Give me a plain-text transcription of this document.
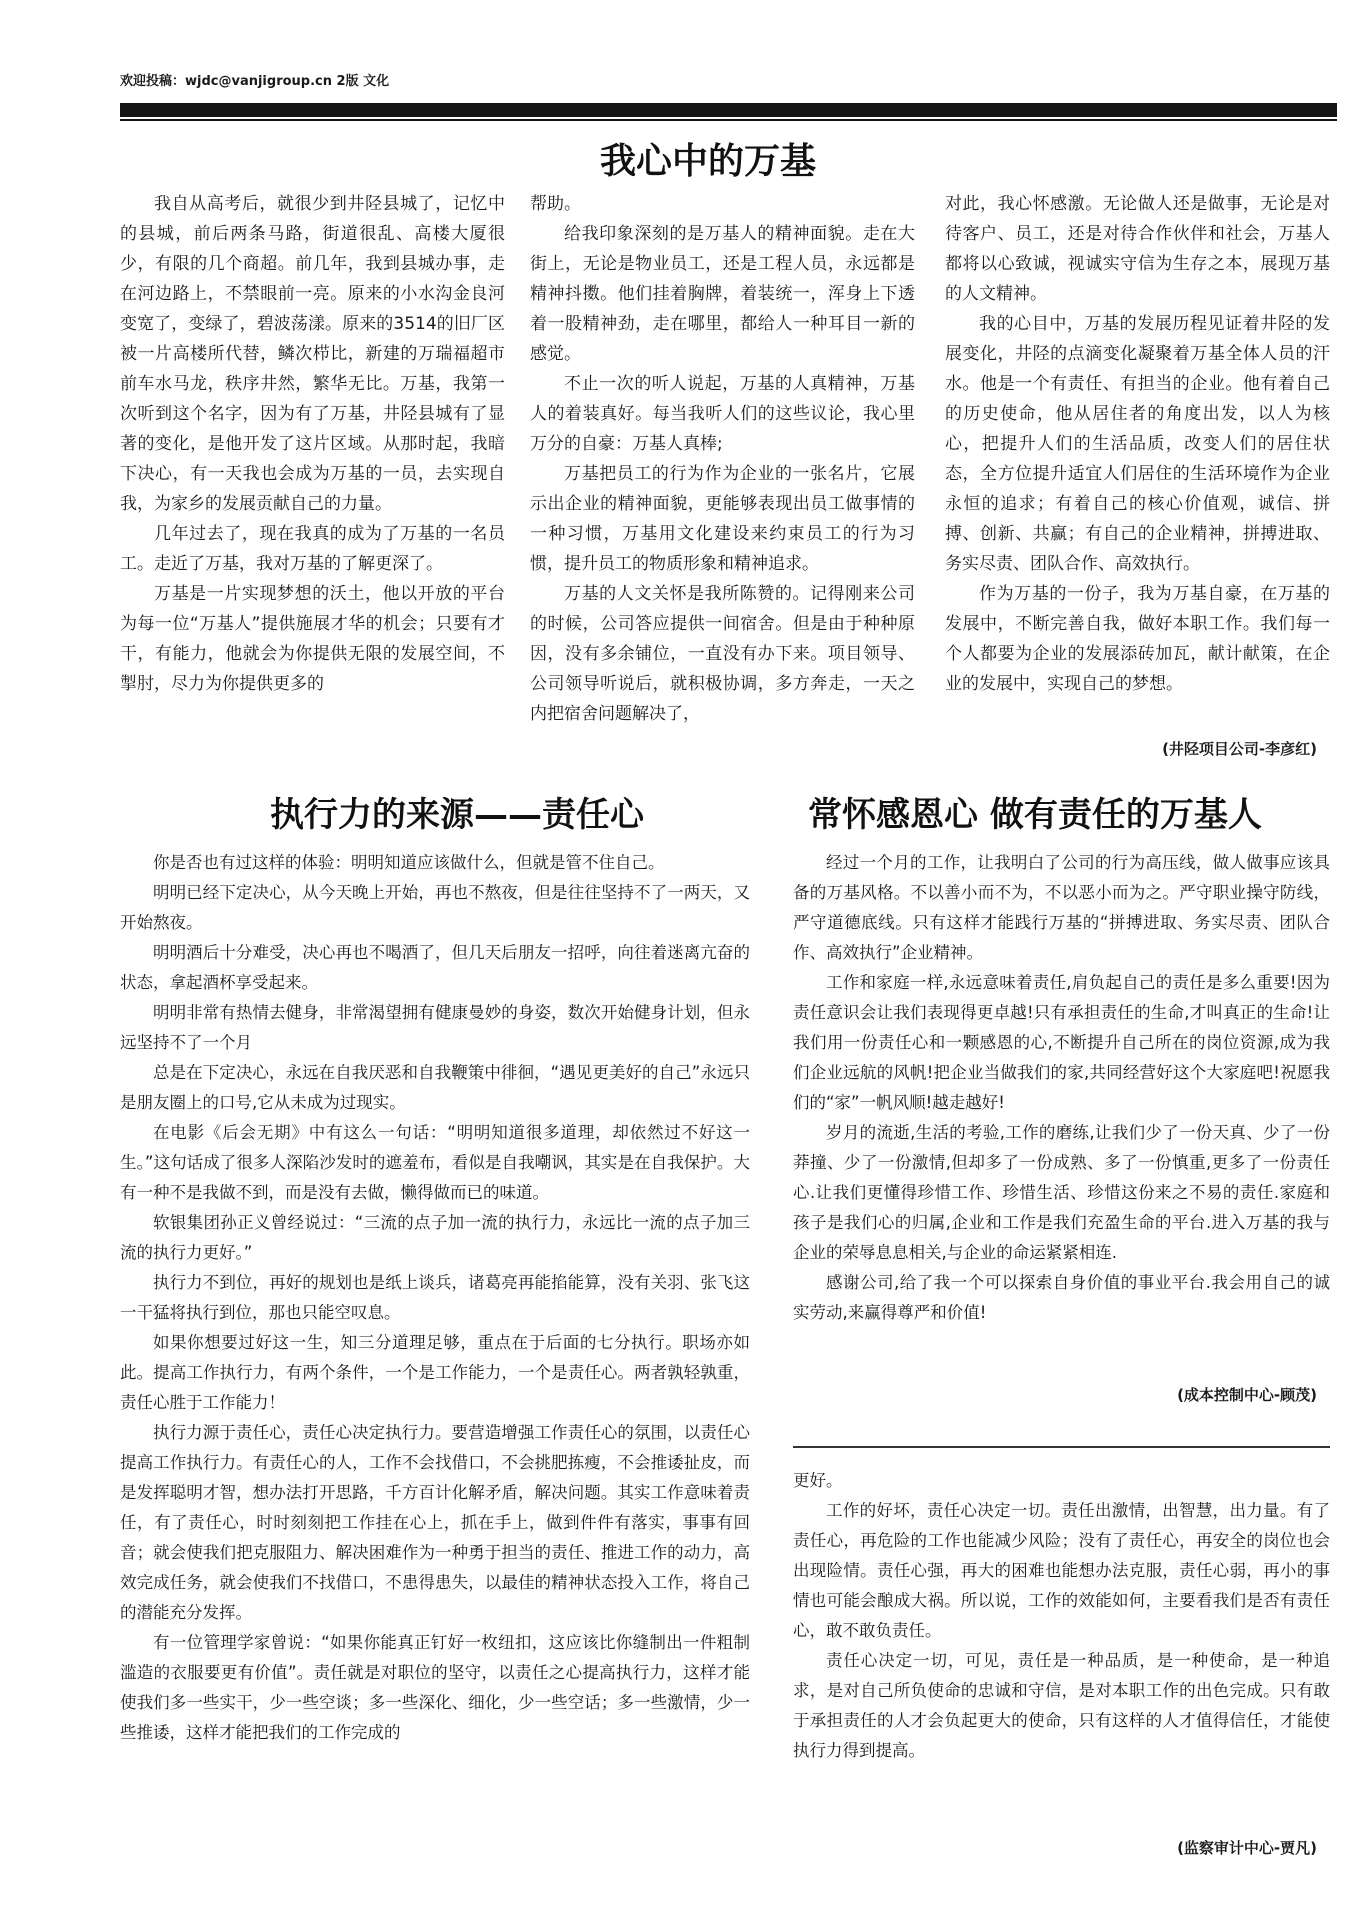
欢迎投稿：wjdc@vanjigroup.cn 2版 文化
我心中的万基

我自从高考后，就很少到井陉县城了，记忆中的县城，前后两条马路，街道很乱、高楼大厦很少，有限的几个商超。前几年，我到县城办事，走在河边路上，不禁眼前一亮。原来的小水沟金良河变宽了，变绿了，碧波荡漾。原来的3514的旧厂区被一片高楼所代替，鳞次栉比，新建的万瑞福超市前车水马龙，秩序井然，繁华无比。万基，我第一次听到这个名字，因为有了万基，井陉县城有了显著的变化，是他开发了这片区域。从那时起，我暗下决心，有一天我也会成为万基的一员，去实现自我，为家乡的发展贡献自己的力量。

几年过去了，现在我真的成为了万基的一名员工。走近了万基，我对万基的了解更深了。

万基是一片实现梦想的沃土，他以开放的平台为每一位“万基人”提供施展才华的机会；只要有才干，有能力，他就会为你提供无限的发展空间，不掣肘，尽力为你提供更多的

帮助。

给我印象深刻的是万基人的精神面貌。走在大街上，无论是物业员工，还是工程人员，永远都是精神抖擞。他们挂着胸牌，着装统一，浑身上下透着一股精神劲，走在哪里，都给人一种耳目一新的感觉。

不止一次的听人说起，万基的人真精神，万基人的着装真好。每当我听人们的这些议论，我心里万分的自豪：万基人真棒;

万基把员工的行为作为企业的一张名片，它展示出企业的精神面貌，更能够表现出员工做事情的一种习惯，万基用文化建设来约束员工的行为习惯，提升员工的物质形象和精神追求。

万基的人文关怀是我所陈赞的。记得刚来公司的时候，公司答应提供一间宿舍。但是由于种种原因，没有多余铺位，一直没有办下来。项目领导、公司领导听说后，就积极协调，多方奔走，一天之内把宿舍问题解决了，

对此，我心怀感激。无论做人还是做事，无论是对待客户、员工，还是对待合作伙伴和社会，万基人都将以心致诚，视诚实守信为生存之本，展现万基的人文精神。

我的心目中，万基的发展历程见证着井陉的发展变化，井陉的点滴变化凝聚着万基全体人员的汗水。他是一个有责任、有担当的企业。他有着自己的历史使命，他从居住者的角度出发，以人为核心，把提升人们的生活品质，改变人们的居住状态，全方位提升适宜人们居住的生活环境作为企业永恒的追求；有着自己的核心价值观，诚信、拼搏、创新、共赢；有自己的企业精神，拼搏进取、务实尽责、团队合作、高效执行。

作为万基的一份子，我为万基自豪，在万基的发展中，不断完善自我，做好本职工作。我们每一个人都要为企业的发展添砖加瓦，献计献策，在企业的发展中，实现自己的梦想。

(井陉项目公司-李彦红)
执行力的来源——责任心

你是否也有过这样的体验：明明知道应该做什么，但就是管不住自己。

明明已经下定决心，从今天晚上开始，再也不熬夜，但是往往坚持不了一两天，又开始熬夜。

明明酒后十分难受，决心再也不喝酒了，但几天后朋友一招呼，向往着迷离亢奋的状态，拿起酒杯享受起来。

明明非常有热情去健身，非常渴望拥有健康曼妙的身姿，数次开始健身计划，但永远坚持不了一个月

总是在下定决心，永远在自我厌恶和自我鞭策中徘徊，“遇见更美好的自己”永远只是朋友圈上的口号,它从未成为过现实。

在电影《后会无期》中有这么一句话：“明明知道很多道理，却依然过不好这一生。”这句话成了很多人深陷沙发时的遮羞布，看似是自我嘲讽，其实是在自我保护。大有一种不是我做不到，而是没有去做，懒得做而已的味道。

软银集团孙正义曾经说过：“三流的点子加一流的执行力，永远比一流的点子加三流的执行力更好。”

执行力不到位，再好的规划也是纸上谈兵，诸葛亮再能掐能算，没有关羽、张飞这一干猛将执行到位，那也只能空叹息。

如果你想要过好这一生，知三分道理足够，重点在于后面的七分执行。职场亦如此。提高工作执行力，有两个条件，一个是工作能力，一个是责任心。两者孰轻孰重，责任心胜于工作能力！

执行力源于责任心，责任心决定执行力。要营造增强工作责任心的氛围，以责任心提高工作执行力。有责任心的人，工作不会找借口，不会挑肥拣瘦，不会推诿扯皮，而是发挥聪明才智，想办法打开思路，千方百计化解矛盾，解决问题。其实工作意味着责任，有了责任心，时时刻刻把工作挂在心上，抓在手上，做到件件有落实，事事有回音；就会使我们把克服阻力、解决困难作为一种勇于担当的责任、推进工作的动力，高效完成任务，就会使我们不找借口，不患得患失，以最佳的精神状态投入工作，将自己的潜能充分发挥。

有一位管理学家曾说：“如果你能真正钉好一枚纽扣，这应该比你缝制出一件粗制滥造的衣服要更有价值”。责任就是对职位的坚守，以责任之心提高执行力，这样才能使我们多一些实干，少一些空谈；多一些深化、细化，少一些空话；多一些激情，少一些推诿，这样才能把我们的工作完成的

常怀感恩心 做有责任的万基人

经过一个月的工作，让我明白了公司的行为高压线，做人做事应该具备的万基风格。不以善小而不为，不以恶小而为之。严守职业操守防线，严守道德底线。只有这样才能践行万基的“拼搏进取、务实尽责、团队合作、高效执行”企业精神。

工作和家庭一样,永远意味着责任,肩负起自己的责任是多么重要!因为责任意识会让我们表现得更卓越!只有承担责任的生命,才叫真正的生命!让我们用一份责任心和一颗感恩的心,不断提升自己所在的岗位资源,成为我们企业远航的风帆!把企业当做我们的家,共同经营好这个大家庭吧!祝愿我们的“家”一帆风顺!越走越好!

岁月的流逝,生活的考验,工作的磨练,让我们少了一份天真、少了一份莽撞、少了一份激情,但却多了一份成熟、多了一份慎重,更多了一份责任心.让我们更懂得珍惜工作、珍惜生活、珍惜这份来之不易的责任.家庭和孩子是我们心的归属,企业和工作是我们充盈生命的平台.进入万基的我与企业的荣辱息息相关,与企业的命运紧紧相连.

感谢公司,给了我一个可以探索自身价值的事业平台.我会用自己的诚实劳动,来赢得尊严和价值!

(成本控制中心-顾茂)

更好。

工作的好坏，责任心决定一切。责任出激情，出智慧，出力量。有了责任心，再危险的工作也能减少风险；没有了责任心，再安全的岗位也会出现险情。责任心强，再大的困难也能想办法克服，责任心弱，再小的事情也可能会酿成大祸。所以说，工作的效能如何，主要看我们是否有责任心，敢不敢负责任。

责任心决定一切，可见，责任是一种品质，是一种使命，是一种追求，是对自己所负使命的忠诚和守信，是对本职工作的出色完成。只有敢于承担责任的人才会负起更大的使命，只有这样的人才值得信任，才能使执行力得到提高。

(监察审计中心-贾凡)
